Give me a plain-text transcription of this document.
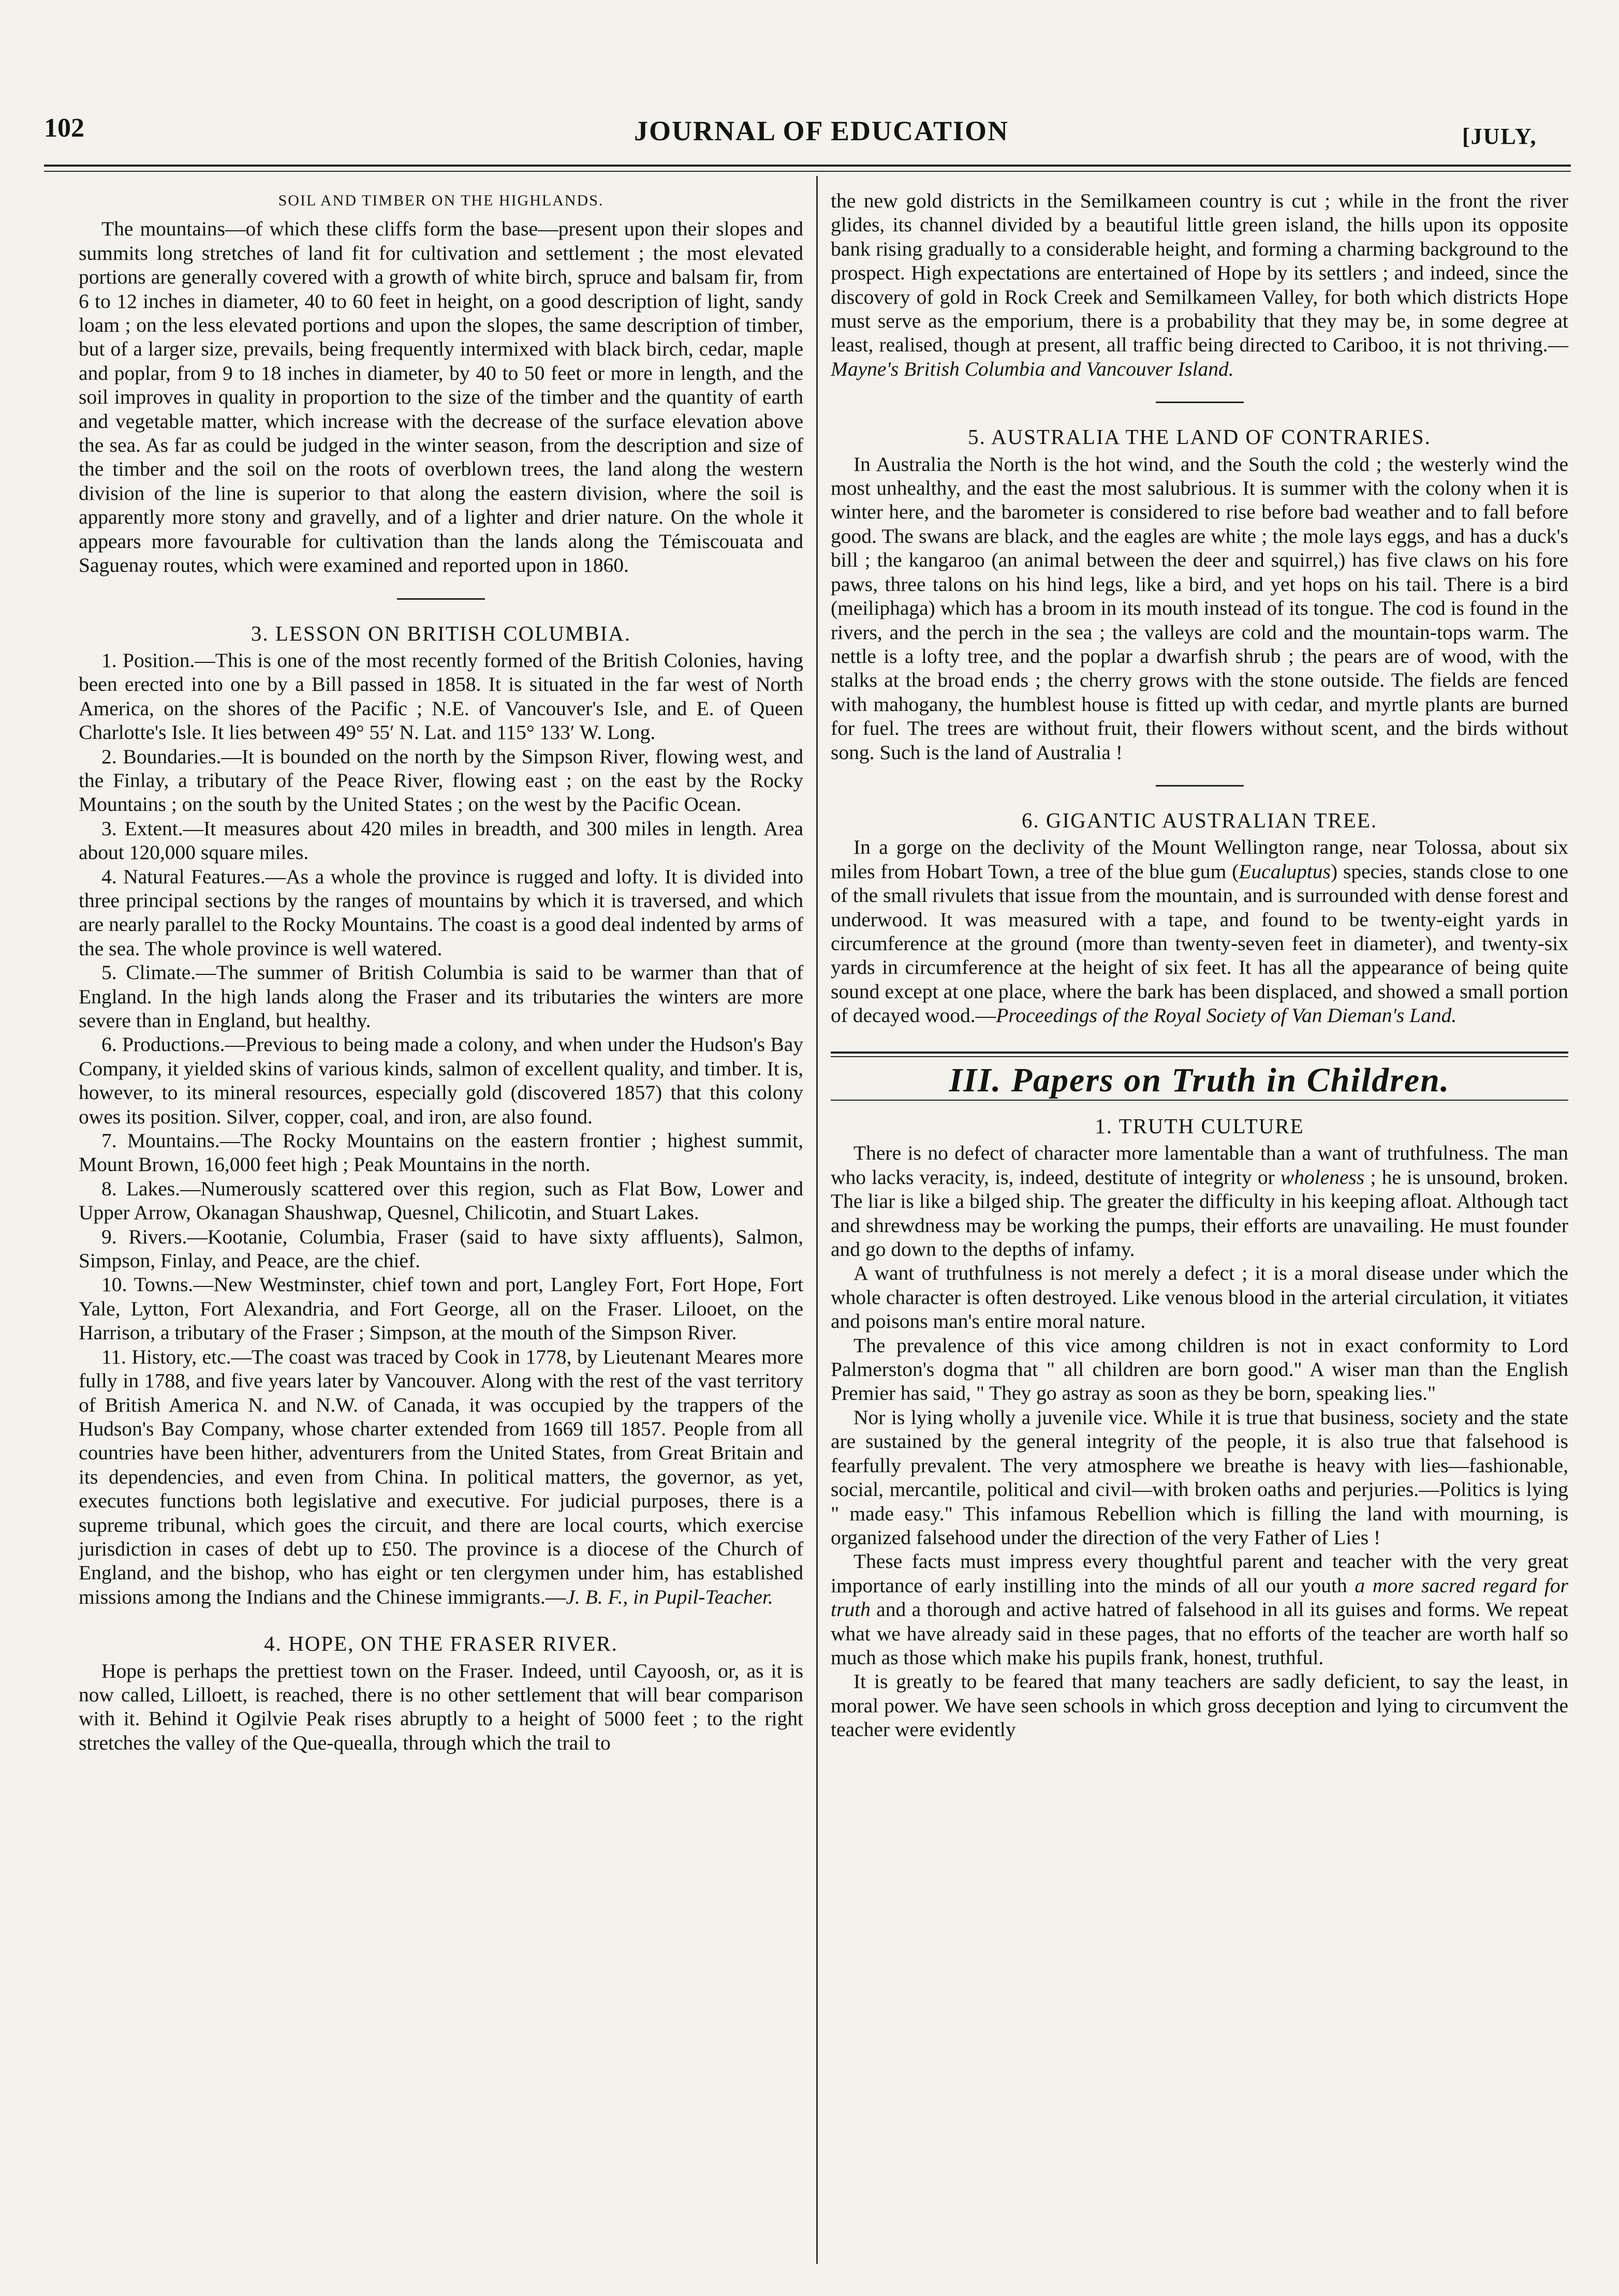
102	JOURNAL OF EDUCATION	[JULY,
SOIL AND TIMBER ON THE HIGHLANDS.

The mountains—of which these cliffs form the base—present upon their slopes and summits long stretches of land fit for cultivation and settlement ; the most elevated portions are generally covered with a growth of white birch, spruce and balsam fir, from 6 to 12 inches in diameter, 40 to 60 feet in height, on a good description of light, sandy loam ; on the less elevated portions and upon the slopes, the same description of timber, but of a larger size, prevails, being frequently intermixed with black birch, cedar, maple and poplar, from 9 to 18 inches in diameter, by 40 to 50 feet or more in length, and the soil improves in quality in proportion to the size of the timber and the quantity of earth and vegetable matter, which increase with the decrease of the surface elevation above the sea. As far as could be judged in the winter season, from the description and size of the timber and the soil on the roots of overblown trees, the land along the western division of the line is superior to that along the eastern division, where the soil is apparently more stony and gravelly, and of a lighter and drier nature. On the whole it appears more favourable for cultivation than the lands along the Témiscouata and Saguenay routes, which were examined and reported upon in 1860.

3. LESSON ON BRITISH COLUMBIA.

1. Position.—This is one of the most recently formed of the British Colonies, having been erected into one by a Bill passed in 1858. It is situated in the far west of North America, on the shores of the Pacific ; N.E. of Vancouver's Isle, and E. of Queen Charlotte's Isle. It lies between 49° 55′ N. Lat. and 115° 133′ W. Long.

2. Boundaries.—It is bounded on the north by the Simpson River, flowing west, and the Finlay, a tributary of the Peace River, flowing east ; on the east by the Rocky Mountains ; on the south by the United States ; on the west by the Pacific Ocean.

3. Extent.—It measures about 420 miles in breadth, and 300 miles in length. Area about 120,000 square miles.

4. Natural Features.—As a whole the province is rugged and lofty. It is divided into three principal sections by the ranges of mountains by which it is traversed, and which are nearly parallel to the Rocky Mountains. The coast is a good deal indented by arms of the sea. The whole province is well watered.

5. Climate.—The summer of British Columbia is said to be warmer than that of England. In the high lands along the Fraser and its tributaries the winters are more severe than in England, but healthy.

6. Productions.—Previous to being made a colony, and when under the Hudson's Bay Company, it yielded skins of various kinds, salmon of excellent quality, and timber. It is, however, to its mineral resources, especially gold (discovered 1857) that this colony owes its position. Silver, copper, coal, and iron, are also found.

7. Mountains.—The Rocky Mountains on the eastern frontier ; highest summit, Mount Brown, 16,000 feet high ; Peak Mountains in the north.

8. Lakes.—Numerously scattered over this region, such as Flat Bow, Lower and Upper Arrow, Okanagan Shaushwap, Quesnel, Chilicotin, and Stuart Lakes.

9. Rivers.—Kootanie, Columbia, Fraser (said to have sixty affluents), Salmon, Simpson, Finlay, and Peace, are the chief.

10. Towns.—New Westminster, chief town and port, Langley Fort, Fort Hope, Fort Yale, Lytton, Fort Alexandria, and Fort George, all on the Fraser. Lilooet, on the Harrison, a tributary of the Fraser ; Simpson, at the mouth of the Simpson River.

11. History, etc.—The coast was traced by Cook in 1778, by Lieutenant Meares more fully in 1788, and five years later by Vancouver. Along with the rest of the vast territory of British America N. and N.W. of Canada, it was occupied by the trappers of the Hudson's Bay Company, whose charter extended from 1669 till 1857. People from all countries have been hither, adventurers from the United States, from Great Britain and its dependencies, and even from China. In political matters, the governor, as yet, executes functions both legislative and executive. For judicial purposes, there is a supreme tribunal, which goes the circuit, and there are local courts, which exercise jurisdiction in cases of debt up to £50. The province is a diocese of the Church of England, and the bishop, who has eight or ten clergymen under him, has established missions among the Indians and the Chinese immigrants.—J. B. F., in Pupil-Teacher.

4. HOPE, ON THE FRASER RIVER.

Hope is perhaps the prettiest town on the Fraser. Indeed, until Cayoosh, or, as it is now called, Lilloett, is reached, there is no other settlement that will bear comparison with it. Behind it Ogilvie Peak rises abruptly to a height of 5000 feet ; to the right stretches the valley of the Que-quealla, through which the trail to

the new gold districts in the Semilkameen country is cut ; while in the front the river glides, its channel divided by a beautiful little green island, the hills upon its opposite bank rising gradually to a considerable height, and forming a charming background to the prospect. High expectations are entertained of Hope by its settlers ; and indeed, since the discovery of gold in Rock Creek and Semilkameen Valley, for both which districts Hope must serve as the emporium, there is a probability that they may be, in some degree at least, realised, though at present, all traffic being directed to Cariboo, it is not thriving.—Mayne's British Columbia and Vancouver Island.

5. AUSTRALIA THE LAND OF CONTRARIES.

In Australia the North is the hot wind, and the South the cold ; the westerly wind the most unhealthy, and the east the most salubrious. It is summer with the colony when it is winter here, and the barometer is considered to rise before bad weather and to fall before good. The swans are black, and the eagles are white ; the mole lays eggs, and has a duck's bill ; the kangaroo (an animal between the deer and squirrel,) has five claws on his fore paws, three talons on his hind legs, like a bird, and yet hops on his tail. There is a bird (meiliphaga) which has a broom in its mouth instead of its tongue. The cod is found in the rivers, and the perch in the sea ; the valleys are cold and the mountain-tops warm. The nettle is a lofty tree, and the poplar a dwarfish shrub ; the pears are of wood, with the stalks at the broad ends ; the cherry grows with the stone outside. The fields are fenced with mahogany, the humblest house is fitted up with cedar, and myrtle plants are burned for fuel. The trees are without fruit, their flowers without scent, and the birds without song. Such is the land of Australia !

6. GIGANTIC AUSTRALIAN TREE.

In a gorge on the declivity of the Mount Wellington range, near Tolossa, about six miles from Hobart Town, a tree of the blue gum (Eucaluptus) species, stands close to one of the small rivulets that issue from the mountain, and is surrounded with dense forest and underwood. It was measured with a tape, and found to be twenty-eight yards in circumference at the ground (more than twenty-seven feet in diameter), and twenty-six yards in circumference at the height of six feet. It has all the appearance of being quite sound except at one place, where the bark has been displaced, and showed a small portion of decayed wood.—Proceedings of the Royal Society of Van Dieman's Land.

III. Papers on Truth in Children.
1. TRUTH CULTURE

There is no defect of character more lamentable than a want of truthfulness. The man who lacks veracity, is, indeed, destitute of integrity or wholeness ; he is unsound, broken. The liar is like a bilged ship. The greater the difficulty in his keeping afloat. Although tact and shrewdness may be working the pumps, their efforts are unavailing. He must founder and go down to the depths of infamy.

A want of truthfulness is not merely a defect ; it is a moral disease under which the whole character is often destroyed. Like venous blood in the arterial circulation, it vitiates and poisons man's entire moral nature.

The prevalence of this vice among children is not in exact conformity to Lord Palmerston's dogma that " all children are born good." A wiser man than the English Premier has said, " They go astray as soon as they be born, speaking lies."

Nor is lying wholly a juvenile vice. While it is true that business, society and the state are sustained by the general integrity of the people, it is also true that falsehood is fearfully prevalent. The very atmosphere we breathe is heavy with lies—fashionable, social, mercantile, political and civil—with broken oaths and perjuries.—Politics is lying " made easy." This infamous Rebellion which is filling the land with mourning, is organized falsehood under the direction of the very Father of Lies !

These facts must impress every thoughtful parent and teacher with the very great importance of early instilling into the minds of all our youth a more sacred regard for truth and a thorough and active hatred of falsehood in all its guises and forms. We repeat what we have already said in these pages, that no efforts of the teacher are worth half so much as those which make his pupils frank, honest, truthful.

It is greatly to be feared that many teachers are sadly deficient, to say the least, in moral power. We have seen schools in which gross deception and lying to circumvent the teacher were evidently
